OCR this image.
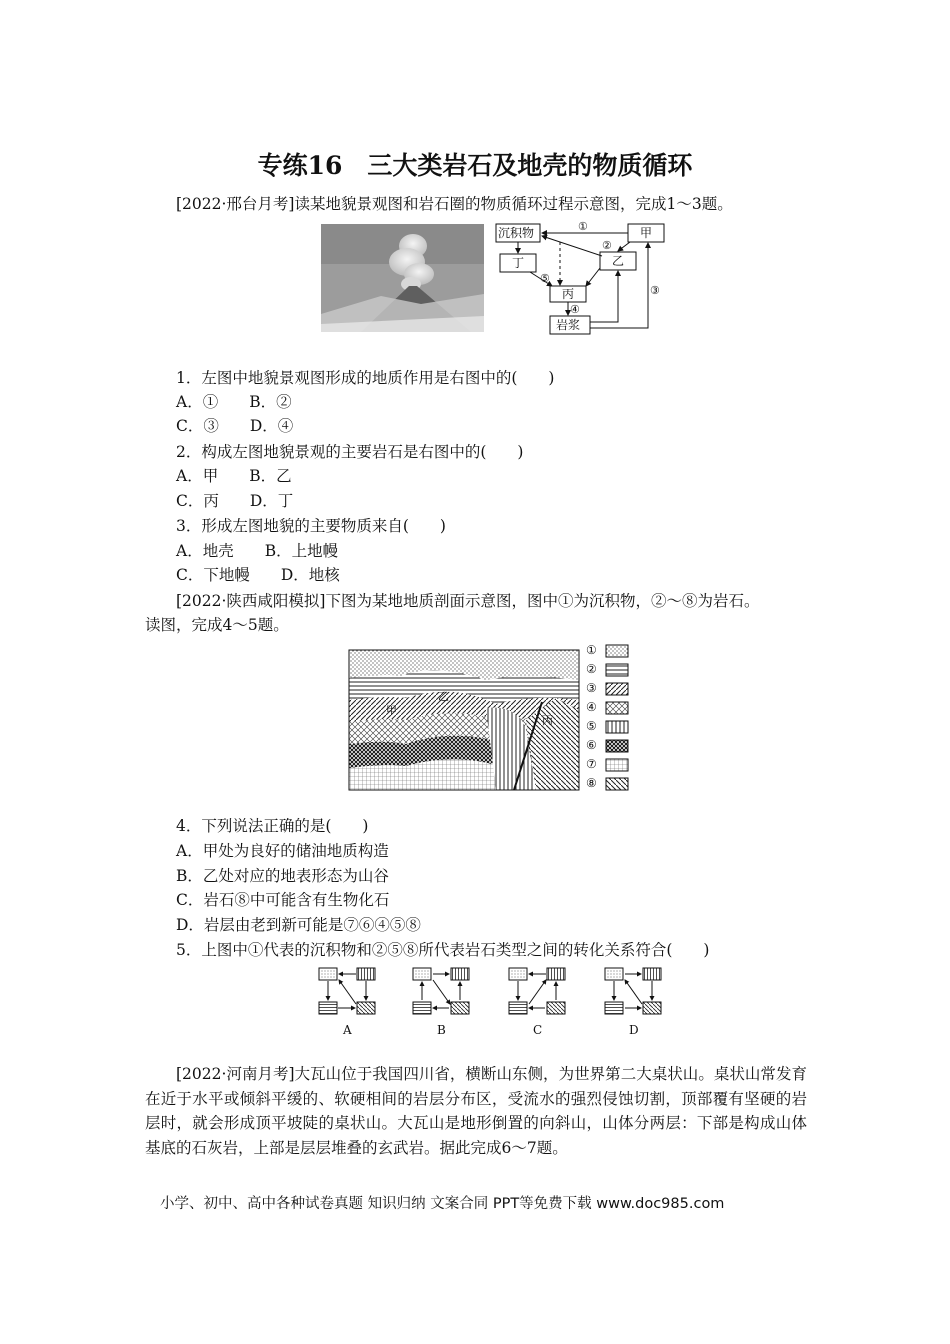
专练16　三大类岩石及地壳的物质循环
[2022·邢台月考]读某地貌景观图和岩石圈的物质循环过程示意图，完成1～3题。
沉积物	甲
丁	乙
丙
岩浆
①
②
③
④
⑤
1．左图中地貌景观图形成的地质作用是右图中的(　　)
A．①　　B．②
C．③　　D．④
2．构成左图地貌景观的主要岩石是右图中的(　　)
A．甲　　B．乙
C．丙　　D．丁
3．形成左图地貌的主要物质来自(　　)
A．地壳　　B．上地幔
C．下地幔　　D．地核
[2022·陕西咸阳模拟]下图为某地地质剖面示意图，图中①为沉积物，②～⑧为岩石。
读图，完成4～5题。
甲
乙
丙
①
②
③
④
⑤
⑥
⑦
⑧
4．下列说法正确的是(　　)
A．甲处为良好的储油地质构造
B．乙处对应的地表形态为山谷
C．岩石⑧中可能含有生物化石
D．岩层由老到新可能是⑦⑥④⑤⑧
5．上图中①代表的沉积物和②⑤⑧所代表岩石类型之间的转化关系符合(　　)
A	B	C	D
[2022·河南月考]大瓦山位于我国四川省，横断山东侧，为世界第二大桌状山。桌状山常发育在近于水平或倾斜平缓的、软硬相间的岩层分布区，受流水的强烈侵蚀切割，顶部覆有坚硬的岩层时，就会形成顶平坡陡的桌状山。大瓦山是地形倒置的向斜山，山体分两层：下部是构成山体基底的石灰岩，上部是层层堆叠的玄武岩。据此完成6～7题。
小学、初中、高中各种试卷真题 知识归纳 文案合同 PPT等免费下载 www.doc985.com
